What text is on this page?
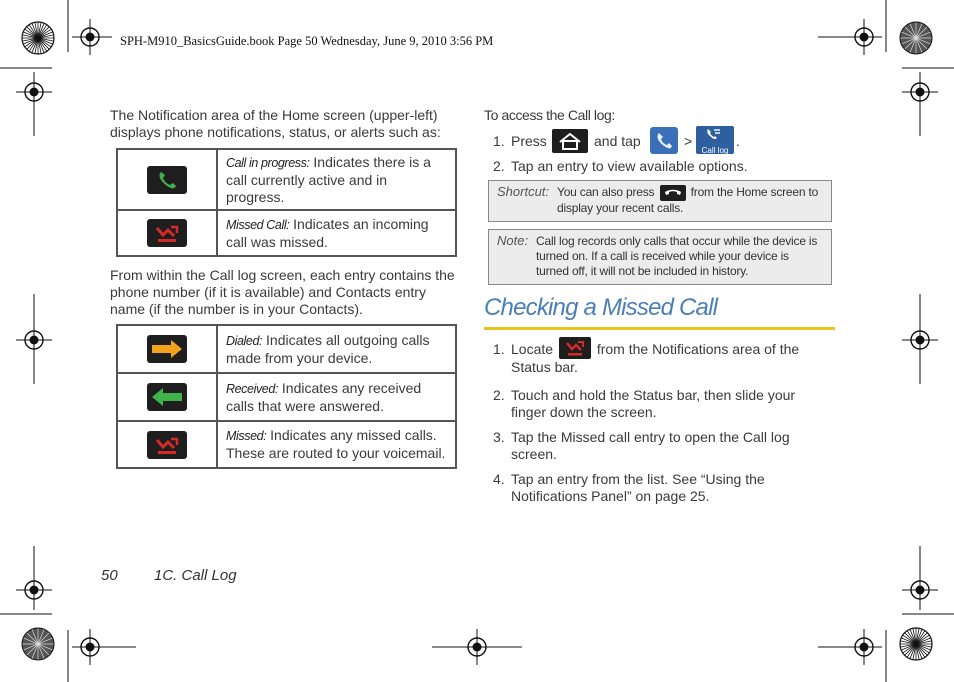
SPH-M910_BasicsGuide.book Page 50 Wednesday, June 9, 2010 3:56 PM
The Notification area of the Home screen (upper-left) displays phone notifications, status, or alerts such as:
	Call in progress: Indicates there is a call currently active and in progress.
	Missed Call: Indicates an incoming call was missed.
From within the Call log screen, each entry contains the phone number (if it is available) and Contacts entry name (if the number is in your Contacts).
	Dialed: Indicates all outgoing calls made from your device.
	Received: Indicates any received calls that were answered.
	Missed: Indicates any missed calls. These are routed to your voicemail.
To access the Call log:
1. Press	and tap	>
Call log
.
2. Tap an entry to view available options.
Shortcut: You can also press	from the Home screen to display your recent calls.
Note: Call log records only calls that occur while the device is turned on. If a call is received while your device is turned off, it will not be included in history.
Checking a Missed Call
1. Locate	from the Notifications area of the Status bar.
2. Touch and hold the Status bar, then slide your finger down the screen.
3. Tap the Missed call entry to open the Call log screen.
4. Tap an entry from the list. See “Using the Notifications Panel” on page 25.
50 1C. Call Log
